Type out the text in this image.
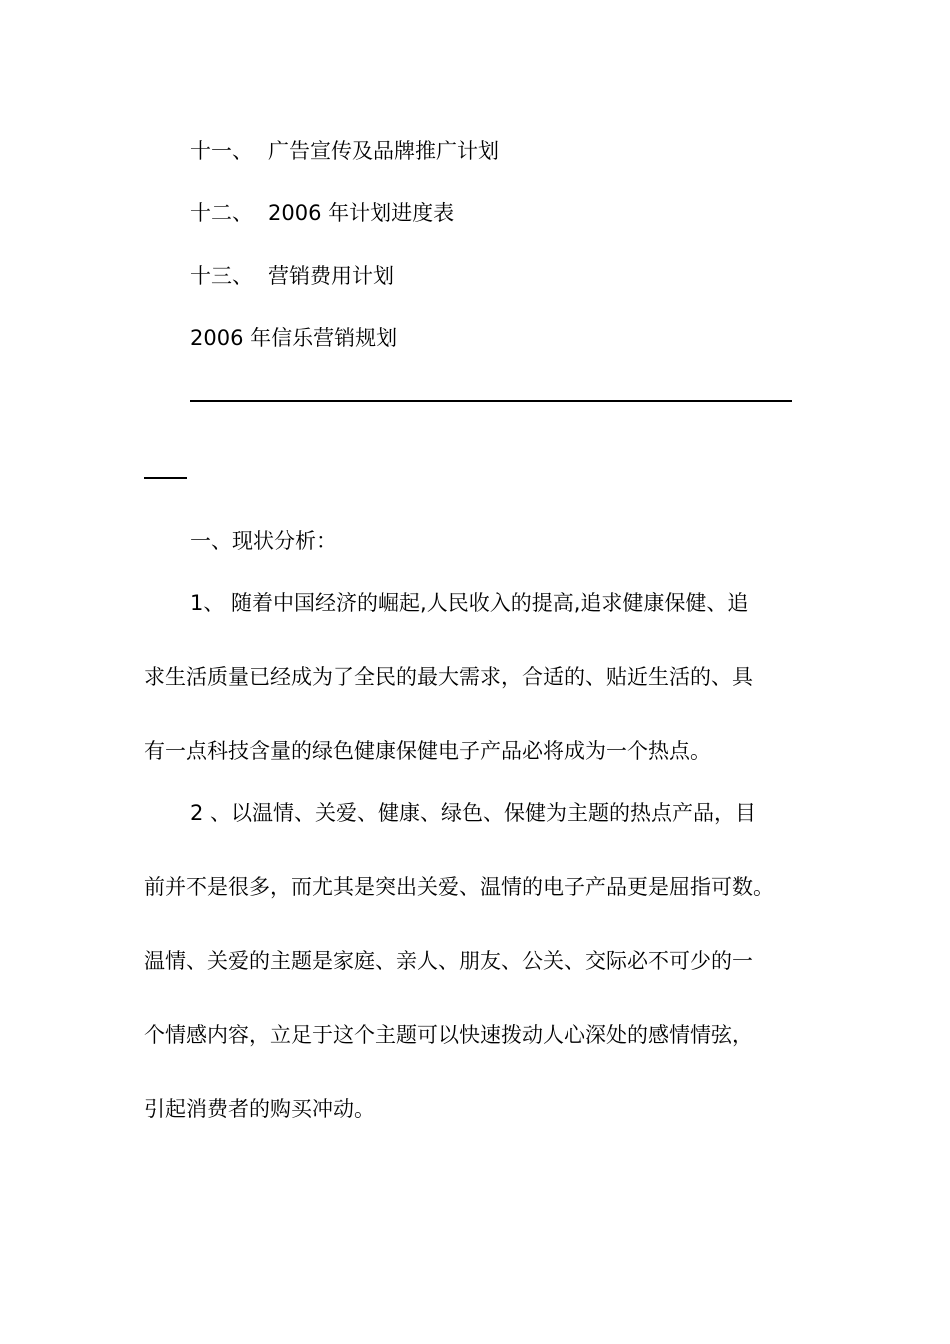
十一、 广告宣传及品牌推广计划
十二、 2006 年计划进度表
十三、 营销费用计划
2006 年信乐营销规划
一、现状分析：
1、 随着中国经济的崛起,人民收入的提高,追求健康保健、追
求生活质量已经成为了全民的最大需求，合适的、贴近生活的、具
有一点科技含量的绿色健康保健电子产品必将成为一个热点。
2 、以温情、关爱、健康、绿色、保健为主题的热点产品，目
前并不是很多，而尤其是突出关爱、温情的电子产品更是屈指可数。
温情、关爱的主题是家庭、亲人、朋友、公关、交际必不可少的一
个情感内容，立足于这个主题可以快速拨动人心深处的感情情弦，
引起消费者的购买冲动。
